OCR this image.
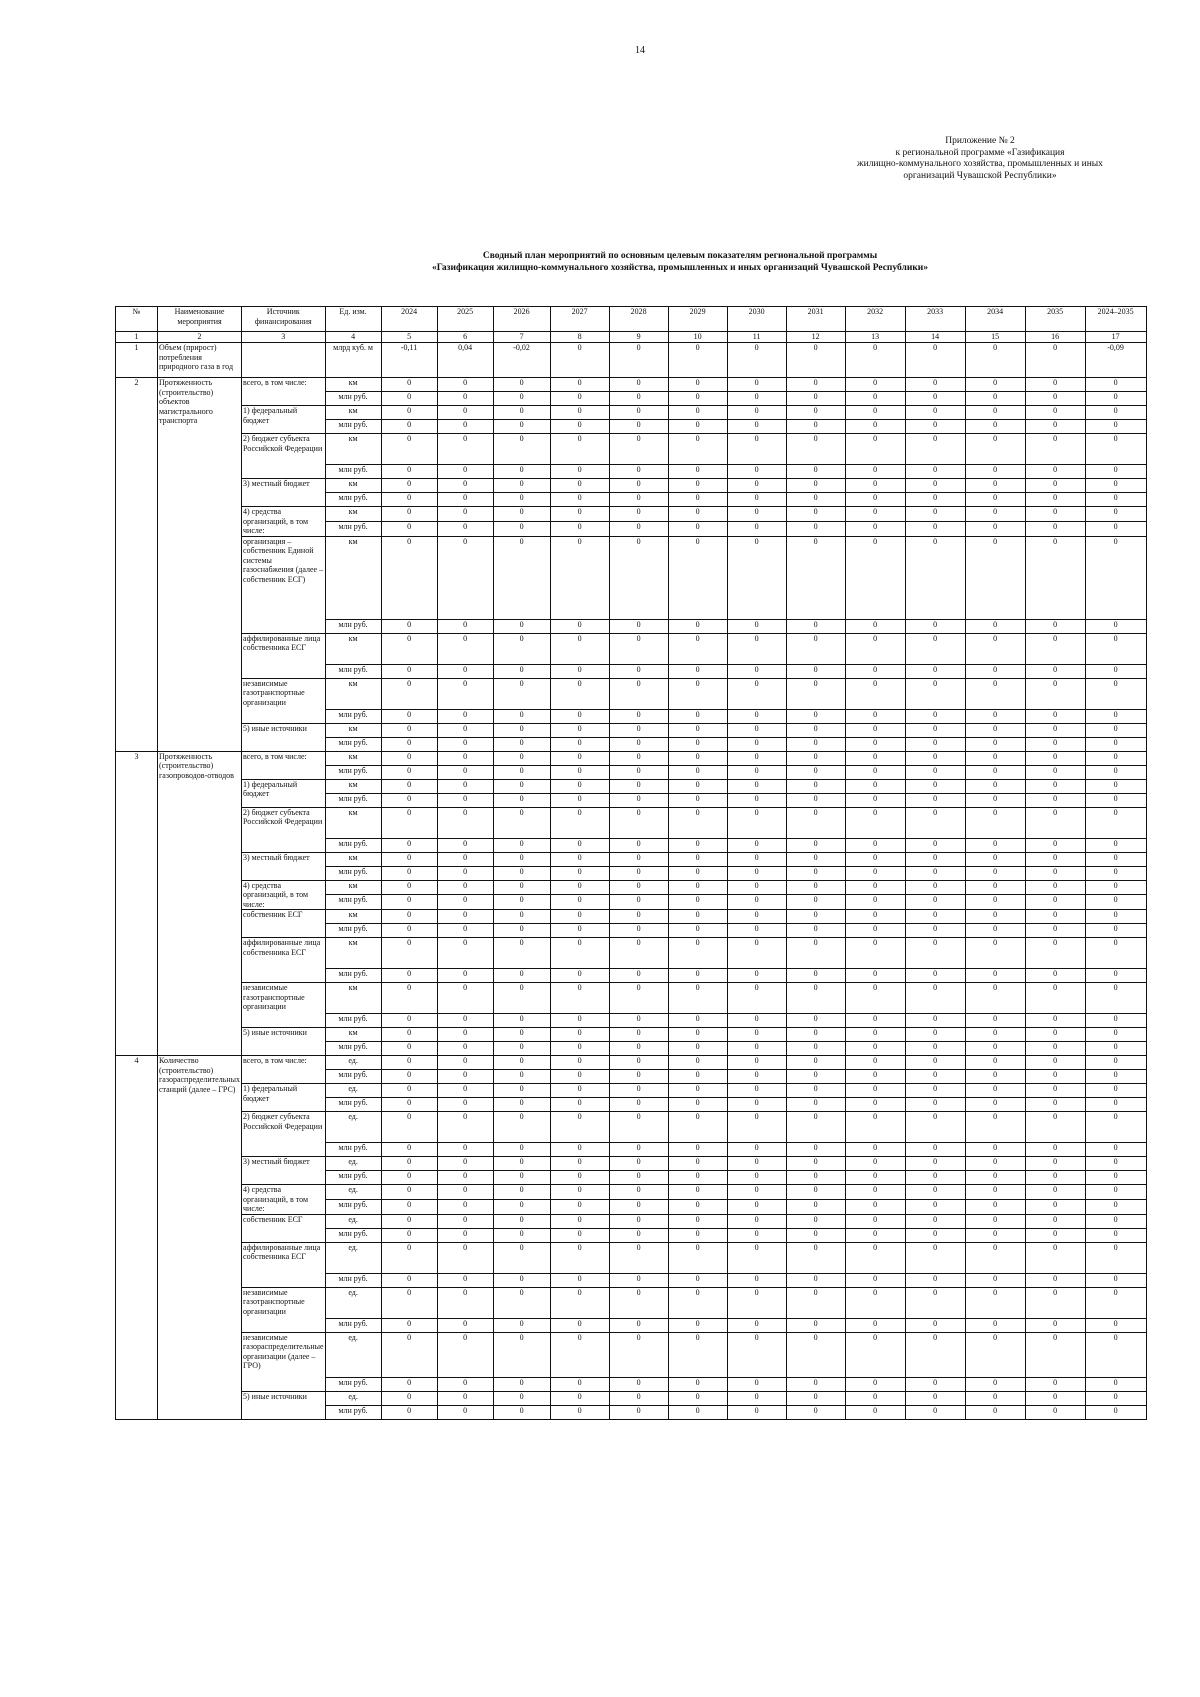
14
Приложение № 2
к региональной программе «Газификация
жилищно-коммунального хозяйства, промышленных и иных
организаций Чувашской Республики»
Сводный план мероприятий по основным целевым показателям региональной программы
«Газификация жилищно-коммунального хозяйства, промышленных и иных организаций Чувашской Республики»
№	Наименование мероприятия	Источник финансирования	Ед. изм.	2024	2025	2026	2027	2028	2029	2030	2031	2032	2033	2034	2035	2024–2035
1	2	3	4	5	6	7	8	9	10	11	12	13	14	15	16	17
1	Объем (прирост) потребления природного газа в год		млрд куб. м	-0,11	0,04	-0,02	0	0	0	0	0	0	0	0	0	-0,09
2	Протяженность (строительство) объектов магистрального транспорта	всего, в том числе:	км	0	0	0	0	0	0	0	0	0	0	0	0	0
			млн руб.	0	0	0	0	0	0	0	0	0	0	0	0	0
		1) федеральный бюджет	км	0	0	0	0	0	0	0	0	0	0	0	0	0
			млн руб.	0	0	0	0	0	0	0	0	0	0	0	0	0
		2) бюджет субъекта Российской Федерации	км	0	0	0	0	0	0	0	0	0	0	0	0	0
			млн руб.	0	0	0	0	0	0	0	0	0	0	0	0	0
		3) местный бюджет	км	0	0	0	0	0	0	0	0	0	0	0	0	0
			млн руб.	0	0	0	0	0	0	0	0	0	0	0	0	0
		4) средства организаций, в том числе:	км	0	0	0	0	0	0	0	0	0	0	0	0	0
			млн руб.	0	0	0	0	0	0	0	0	0	0	0	0	0
		организация – собственник Единой системы газоснабжения (далее – собственник ЕСГ)	км	0	0	0	0	0	0	0	0	0	0	0	0	0
			млн руб.	0	0	0	0	0	0	0	0	0	0	0	0	0
		аффилированные лица собственника ЕСГ	км	0	0	0	0	0	0	0	0	0	0	0	0	0
			млн руб.	0	0	0	0	0	0	0	0	0	0	0	0	0
		независимые газотранспортные организации	км	0	0	0	0	0	0	0	0	0	0	0	0	0
			млн руб.	0	0	0	0	0	0	0	0	0	0	0	0	0
		5) иные источники	км	0	0	0	0	0	0	0	0	0	0	0	0	0
			млн руб.	0	0	0	0	0	0	0	0	0	0	0	0	0
3	Протяженность (строительство) газопроводов-отводов	всего, в том числе:	км	0	0	0	0	0	0	0	0	0	0	0	0	0
			млн руб.	0	0	0	0	0	0	0	0	0	0	0	0	0
		1) федеральный бюджет	км	0	0	0	0	0	0	0	0	0	0	0	0	0
			млн руб.	0	0	0	0	0	0	0	0	0	0	0	0	0
		2) бюджет субъекта Российской Федерации	км	0	0	0	0	0	0	0	0	0	0	0	0	0
			млн руб.	0	0	0	0	0	0	0	0	0	0	0	0	0
		3) местный бюджет	км	0	0	0	0	0	0	0	0	0	0	0	0	0
			млн руб.	0	0	0	0	0	0	0	0	0	0	0	0	0
		4) средства организаций, в том числе:	км	0	0	0	0	0	0	0	0	0	0	0	0	0
			млн руб.	0	0	0	0	0	0	0	0	0	0	0	0	0
		собственник ЕСГ	км	0	0	0	0	0	0	0	0	0	0	0	0	0
			млн руб.	0	0	0	0	0	0	0	0	0	0	0	0	0
		аффилированные лица собственника ЕСГ	км	0	0	0	0	0	0	0	0	0	0	0	0	0
			млн руб.	0	0	0	0	0	0	0	0	0	0	0	0	0
		независимые газотранспортные организации	км	0	0	0	0	0	0	0	0	0	0	0	0	0
			млн руб.	0	0	0	0	0	0	0	0	0	0	0	0	0
		5) иные источники	км	0	0	0	0	0	0	0	0	0	0	0	0	0
			млн руб.	0	0	0	0	0	0	0	0	0	0	0	0	0
4	Количество (строительство) газораспределительных станций (далее – ГРС)	всего, в том числе:	ед.	0	0	0	0	0	0	0	0	0	0	0	0	0
			млн руб.	0	0	0	0	0	0	0	0	0	0	0	0	0
		1) федеральный бюджет	ед.	0	0	0	0	0	0	0	0	0	0	0	0	0
			млн руб.	0	0	0	0	0	0	0	0	0	0	0	0	0
		2) бюджет субъекта Российской Федерации	ед.	0	0	0	0	0	0	0	0	0	0	0	0	0
			млн руб.	0	0	0	0	0	0	0	0	0	0	0	0	0
		3) местный бюджет	ед.	0	0	0	0	0	0	0	0	0	0	0	0	0
			млн руб.	0	0	0	0	0	0	0	0	0	0	0	0	0
		4) средства организаций, в том числе:	ед.	0	0	0	0	0	0	0	0	0	0	0	0	0
			млн руб.	0	0	0	0	0	0	0	0	0	0	0	0	0
		собственник ЕСГ	ед.	0	0	0	0	0	0	0	0	0	0	0	0	0
			млн руб.	0	0	0	0	0	0	0	0	0	0	0	0	0
		аффилированные лица собственника ЕСГ	ед.	0	0	0	0	0	0	0	0	0	0	0	0	0
			млн руб.	0	0	0	0	0	0	0	0	0	0	0	0	0
		независимые газотранспортные организации	ед.	0	0	0	0	0	0	0	0	0	0	0	0	0
			млн руб.	0	0	0	0	0	0	0	0	0	0	0	0	0
		независимые газораспределительные организации (далее – ГРО)	ед.	0	0	0	0	0	0	0	0	0	0	0	0	0
			млн руб.	0	0	0	0	0	0	0	0	0	0	0	0	0
		5) иные источники	ед.	0	0	0	0	0	0	0	0	0	0	0	0	0
			млн руб.	0	0	0	0	0	0	0	0	0	0	0	0	0
